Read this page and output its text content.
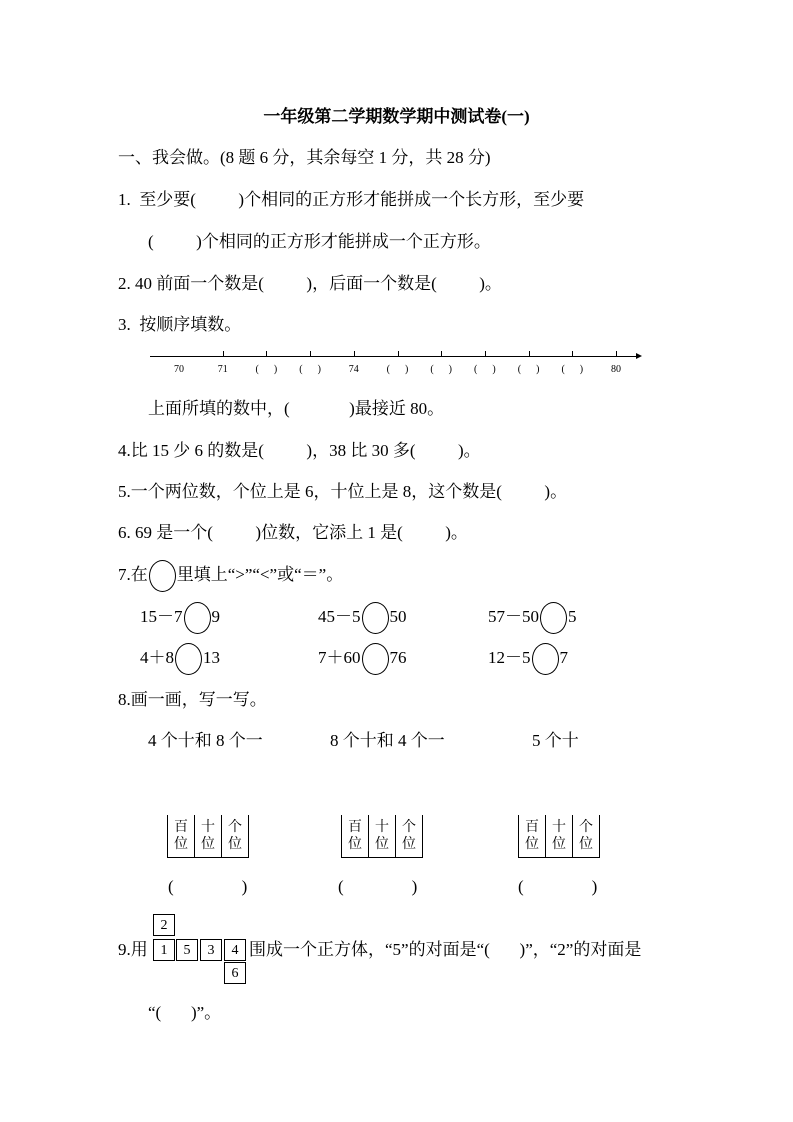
一年级第二学期数学期中测试卷(一)
一、我会做。(8 题 6 分，其余每空 1 分，共 28 分)
1.  至少要(          )个相同的正方形才能拼成一个长方形，至少要
(          )个相同的正方形才能拼成一个正方形。
2. 40 前面一个数是(          )，后面一个数是(          )。
3.  按顺序填数。
70	71	(      ) (      )	74	(      ) (      ) (      ) (      ) (      )	80
上面所填的数中，(              )最接近 80。
4.比 15 少 6 的数是(          )，38 比 30 多(          )。
5.一个两位数，个位上是 6，十位上是 8，这个数是(          )。
6. 69 是一个(          )位数，它添上 1 是(          )。
7.在 里填上“>”“<”或“＝”。
15－7 9	45－5 50	57－50 5
4＋8 13	7＋60 76	12－5 7
8.画一画，写一写。
4 个十和 8 个一	8 个十和 4 个一	5 个十
百
位
十
位
个
位
百
位
十
位
个
位
百
位
十
位
个
位
(                )	(                )	(                )
9.用
2
1	5	3	4
6
围成一个正方体，“5”的对面是“(       )”，“2”的对面是
“(       )”。
